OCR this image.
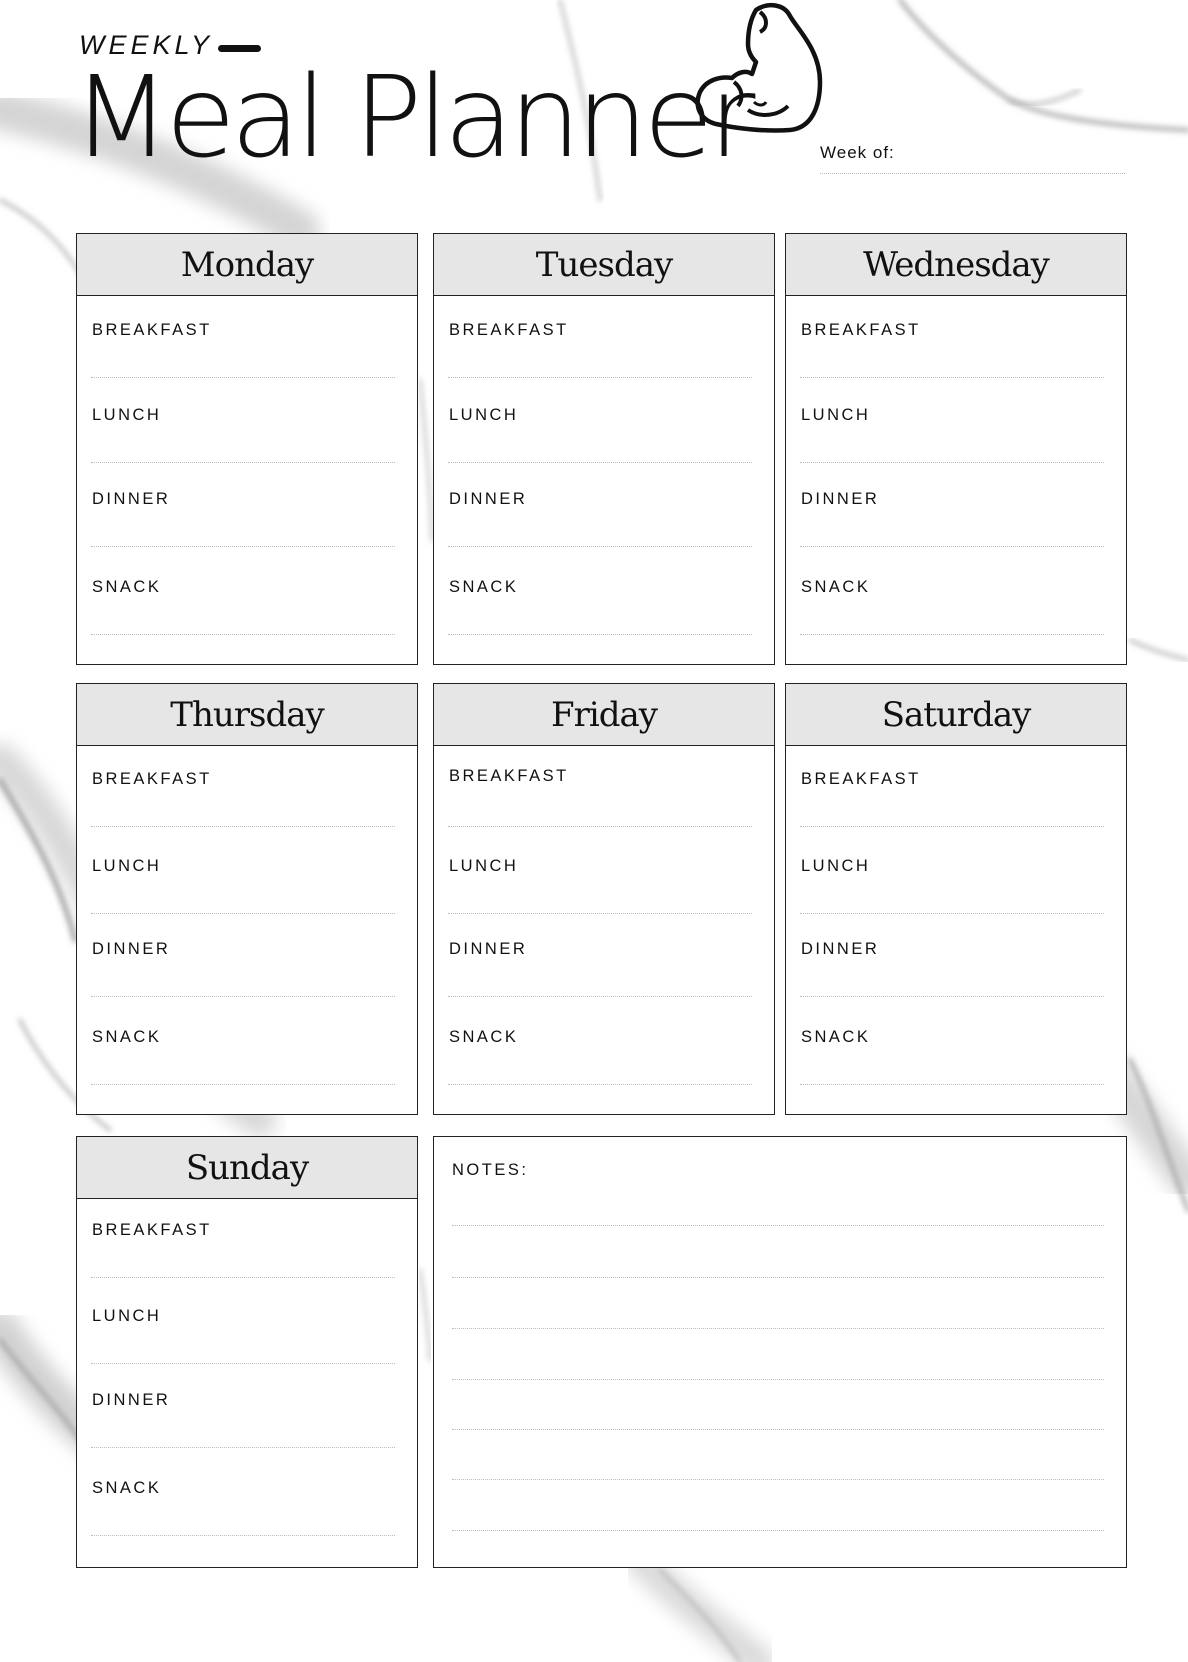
WEEKLY
Meal Planner	Week of:
Monday
BREAKFAST
LUNCH
DINNER
SNACK
Tuesday
BREAKFAST
LUNCH
DINNER
SNACK
Wednesday
BREAKFAST
LUNCH
DINNER
SNACK
Thursday
BREAKFAST
LUNCH
DINNER
SNACK
Friday
BREAKFAST
LUNCH
DINNER
SNACK
Saturday
BREAKFAST
LUNCH
DINNER
SNACK
Sunday
BREAKFAST
LUNCH
DINNER
SNACK
NOTES:
